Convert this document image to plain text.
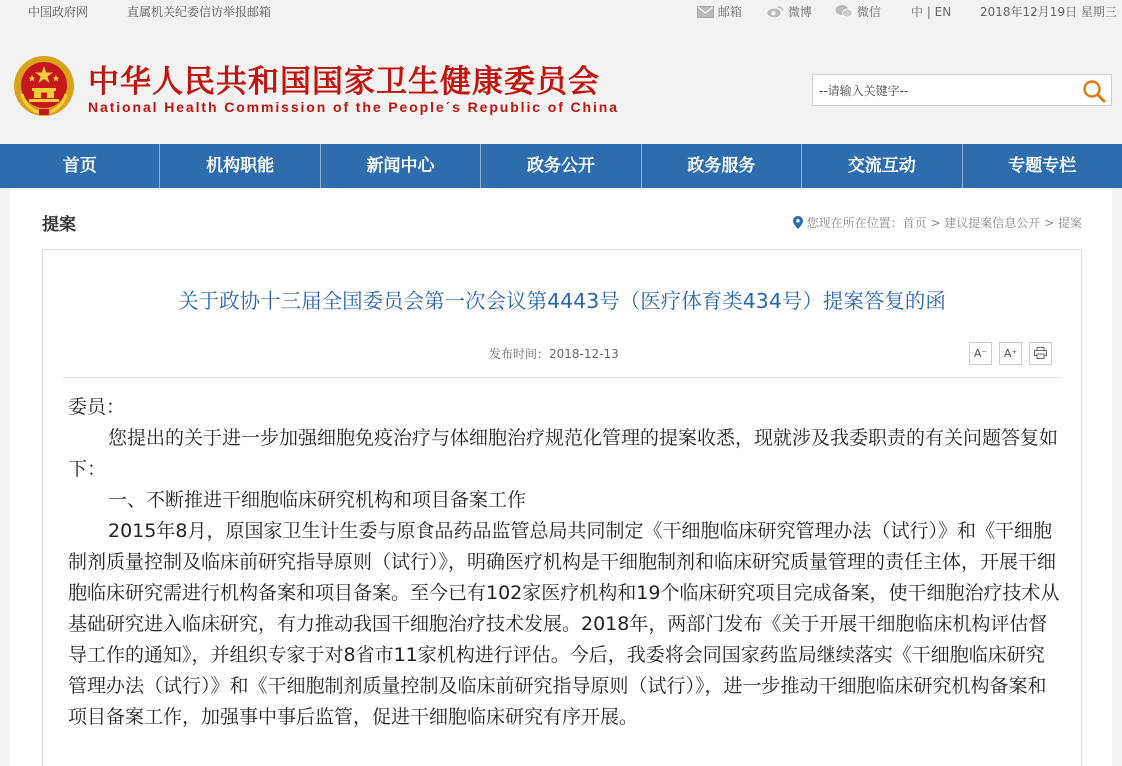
中国政府网	直属机关纪委信访举报邮箱	邮箱	微博	微信	中 | EN 2018年12月19日 星期三
中华人民共和国国家卫生健康委员会
National Health Commission of the People´s Republic of China
--请输入关键字--
首页	机构职能	新闻中心	政务公开	政务服务	交流互动	专题专栏
提案	您现在所在位置：首页 > 建议提案信息公开 > 提案
关于政协十三届全国委员会第一次会议第4443号（医疗体育类434号）提案答复的函
发布时间：2018-12-13	A⁻	A⁺

委员：

您提出的关于进一步加强细胞免疫治疗与体细胞治疗规范化管理的提案收悉，现就涉及我委职责的有关问题答复如下：

一、不断推进干细胞临床研究机构和项目备案工作

2015年8月，原国家卫生计生委与原食品药品监管总局共同制定《干细胞临床研究管理办法（试行）》和《干细胞制剂质量控制及临床前研究指导原则（试行）》，明确医疗机构是干细胞制剂和临床研究质量管理的责任主体，开展干细胞临床研究需进行机构备案和项目备案。至今已有102家医疗机构和19个临床研究项目完成备案，使干细胞治疗技术从基础研究进入临床研究，有力推动我国干细胞治疗技术发展。2018年，两部门发布《关于开展干细胞临床机构评估督导工作的通知》，并组织专家于对8省市11家机构进行评估。今后，我委将会同国家药监局继续落实《干细胞临床研究管理办法（试行）》和《干细胞制剂质量控制及临床前研究指导原则（试行）》，进一步推动干细胞临床研究机构备案和项目备案工作，加强事中事后监管，促进干细胞临床研究有序开展。
